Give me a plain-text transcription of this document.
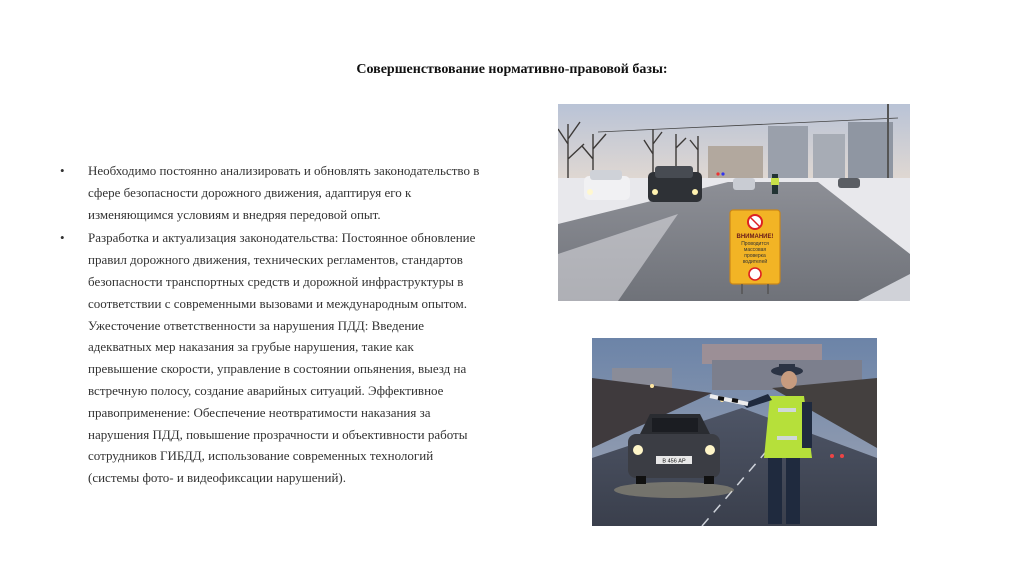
Совершенствование нормативно-правовой базы:
• Необходимо постоянно анализировать и обновлять законодательство в сфере безопасности дорожного движения, адаптируя его к изменяющимся условиям и внедряя передовой опыт.
• Разработка и актуализация законодательства: Постоянное обновление правил дорожного движения, технических регламентов, стандартов безопасности транспортных средств и дорожной инфраструктуры в соответствии с современными вызовами и международным опытом. Ужесточение ответственности за нарушения ПДД: Введение адекватных мер наказания за грубые нарушения, такие как превышение скорости, управление в состоянии опьянения, выезд на встречную полосу, создание аварийных ситуаций. Эффективное правоприменение: Обеспечение неотвратимости наказания за нарушения ПДД, повышение прозрачности и объективности работы сотрудников ГИБДД, использование современных технологий (системы фото- и видеофиксации нарушений).
ВНИМАНИЕ!
Проводится
массовая
проверка
водителей
В 456 АР
